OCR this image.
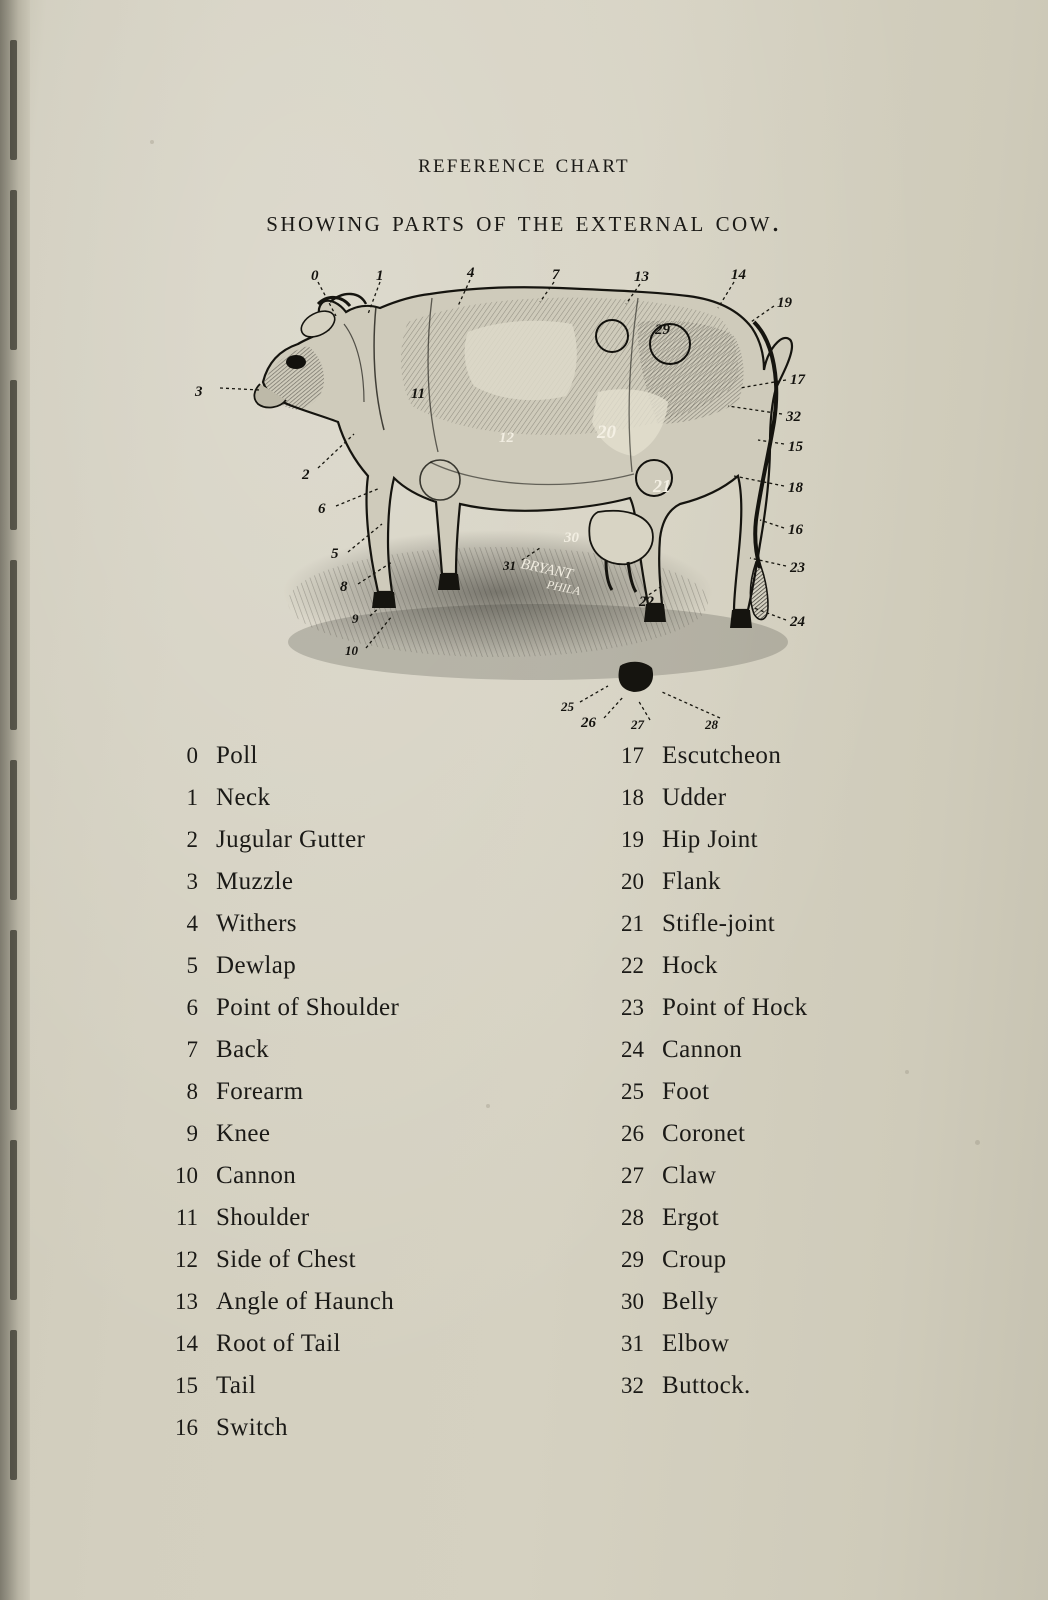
reference chart
showing parts of the external cow.
BRYANT
PHILA
0	1	4	7	13	14
19
29
17
32
15
18
16
23
24
3
2
6
5
8
9
10
11
12	20
21
30
31
22
25
26	27	28
0 Poll
1 Neck
2 Jugular Gutter
3 Muzzle
4 Withers
5 Dewlap
6 Point of Shoulder
7 Back
8 Forearm
9 Knee
10 Cannon
11 Shoulder
12 Side of Chest
13 Angle of Haunch
14 Root of Tail
15 Tail
16 Switch
17 Escutcheon
18 Udder
19 Hip Joint
20 Flank
21 Stifle-joint
22 Hock
23 Point of Hock
24 Cannon
25 Foot
26 Coronet
27 Claw
28 Ergot
29 Croup
30 Belly
31 Elbow
32 Buttock.
